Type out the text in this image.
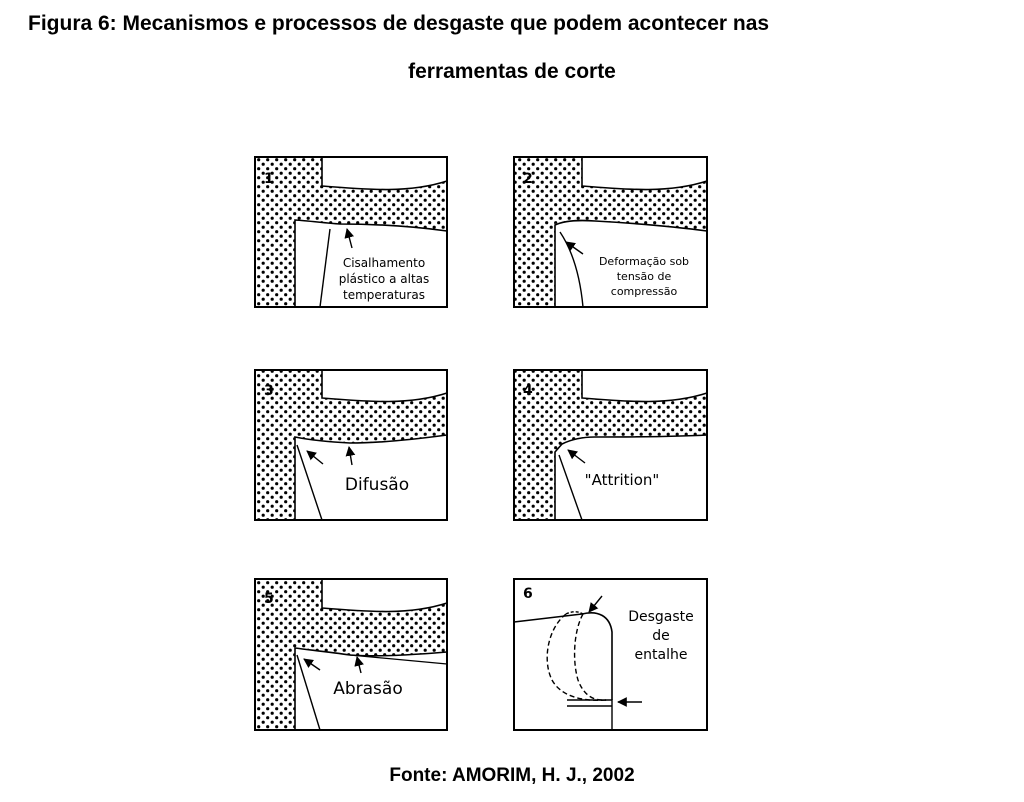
Figura 6: Mecanismos e processos de desgaste que podem acontecer nas
ferramentas de corte
1
Cisalhamento
plástico a altas
temperaturas
2
Deformação sob
tensão de
compressão
3
Difusão
4
"Attrition"
5
Abrasão
6
Desgaste
de
entalhe
Fonte: AMORIM, H. J., 2002
